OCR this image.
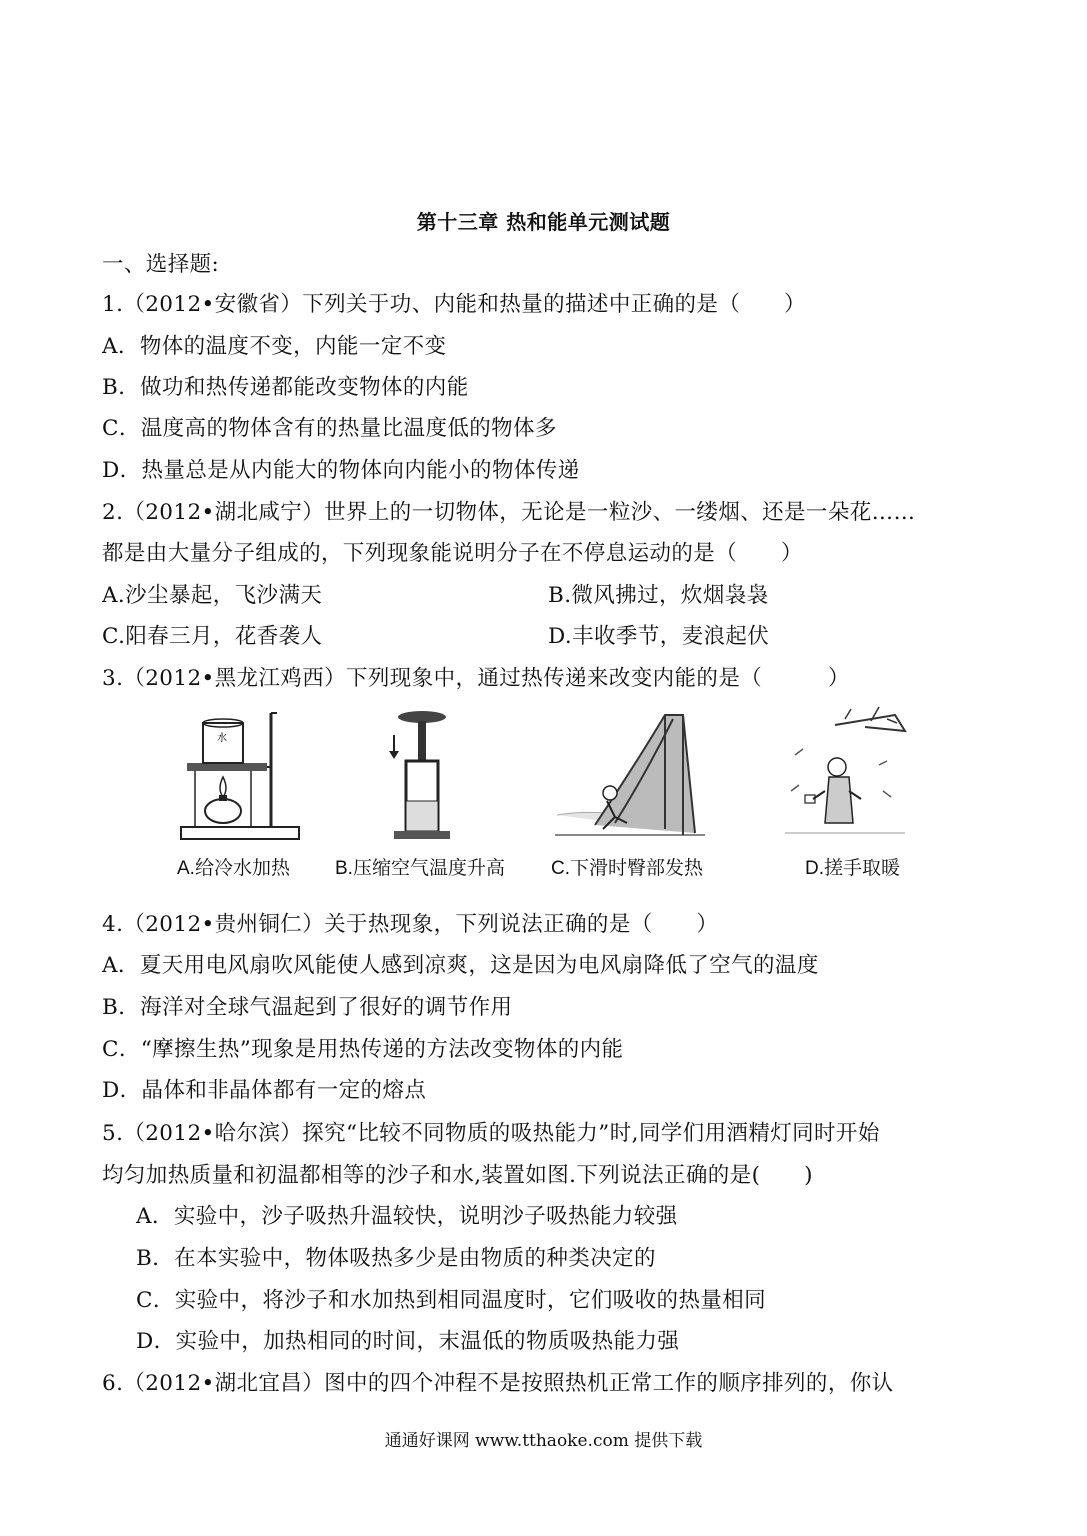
第十三章 热和能单元测试题
一、选择题:
1.（2012•安徽省）下列关于功、内能和热量的描述中正确的是（　　）
A．物体的温度不变，内能一定不变
B．做功和热传递都能改变物体的内能
C．温度高的物体含有的热量比温度低的物体多
D．热量总是从内能大的物体向内能小的物体传递
2.（2012•湖北咸宁）世界上的一切物体，无论是一粒沙、一缕烟、还是一朵花……
都是由大量分子组成的，下列现象能说明分子在不停息运动的是（　　）
A.沙尘暴起，飞沙满天	B.微风拂过，炊烟袅袅
C.阳春三月，花香袭人	D.丰收季节，麦浪起伏
3.（2012•黑龙江鸡西）下列现象中，通过热传递来改变内能的是（　　　）
水
A.给冷水加热 B.压缩空气温度升高 C.下滑时臀部发热	D.搓手取暖
4.（2012•贵州铜仁）关于热现象，下列说法正确的是（　　）
A．夏天用电风扇吹风能使人感到凉爽，这是因为电风扇降低了空气的温度
B．海洋对全球气温起到了很好的调节作用
C．“摩擦生热”现象是用热传递的方法改变物体的内能
D．晶体和非晶体都有一定的熔点
5.（2012•哈尔滨）探究“比较不同物质的吸热能力”时,同学们用酒精灯同时开始
均匀加热质量和初温都相等的沙子和水,装置如图.下列说法正确的是(　　)
A．实验中，沙子吸热升温较快，说明沙子吸热能力较强
B．在本实验中，物体吸热多少是由物质的种类决定的
C．实验中，将沙子和水加热到相同温度时，它们吸收的热量相同
D．实验中，加热相同的时间，末温低的物质吸热能力强
6.（2012•湖北宜昌）图中的四个冲程不是按照热机正常工作的顺序排列的，你认
通通好课网 www.tthaoke.com 提供下载
